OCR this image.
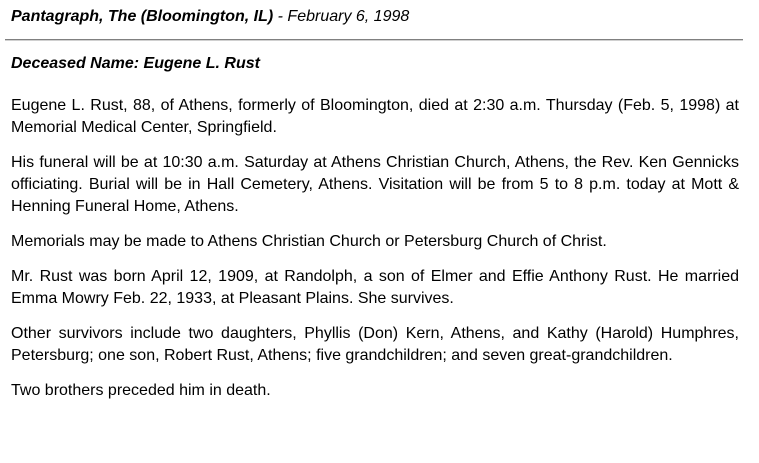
Pantagraph, The (Bloomington, IL) - February 6, 1998
Deceased Name: Eugene L. Rust

Eugene L. Rust, 88, of Athens, formerly of Bloomington, died at 2:30 a.m. Thursday (Feb. 5, 1998) at Memorial Medical Center, Springfield.

His funeral will be at 10:30 a.m. Saturday at Athens Christian Church, Athens, the Rev. Ken Gennicks officiating. Burial will be in Hall Cemetery, Athens. Visitation will be from 5 to 8 p.m. today at Mott & Henning Funeral Home, Athens.

Memorials may be made to Athens Christian Church or Petersburg Church of Christ.

Mr. Rust was born April 12, 1909, at Randolph, a son of Elmer and Effie Anthony Rust. He married Emma Mowry Feb. 22, 1933, at Pleasant Plains. She survives.

Other survivors include two daughters, Phyllis (Don) Kern, Athens, and Kathy (Harold) Humphres, Petersburg; one son, Robert Rust, Athens; five grandchildren; and seven great-grandchildren.

Two brothers preceded him in death.
